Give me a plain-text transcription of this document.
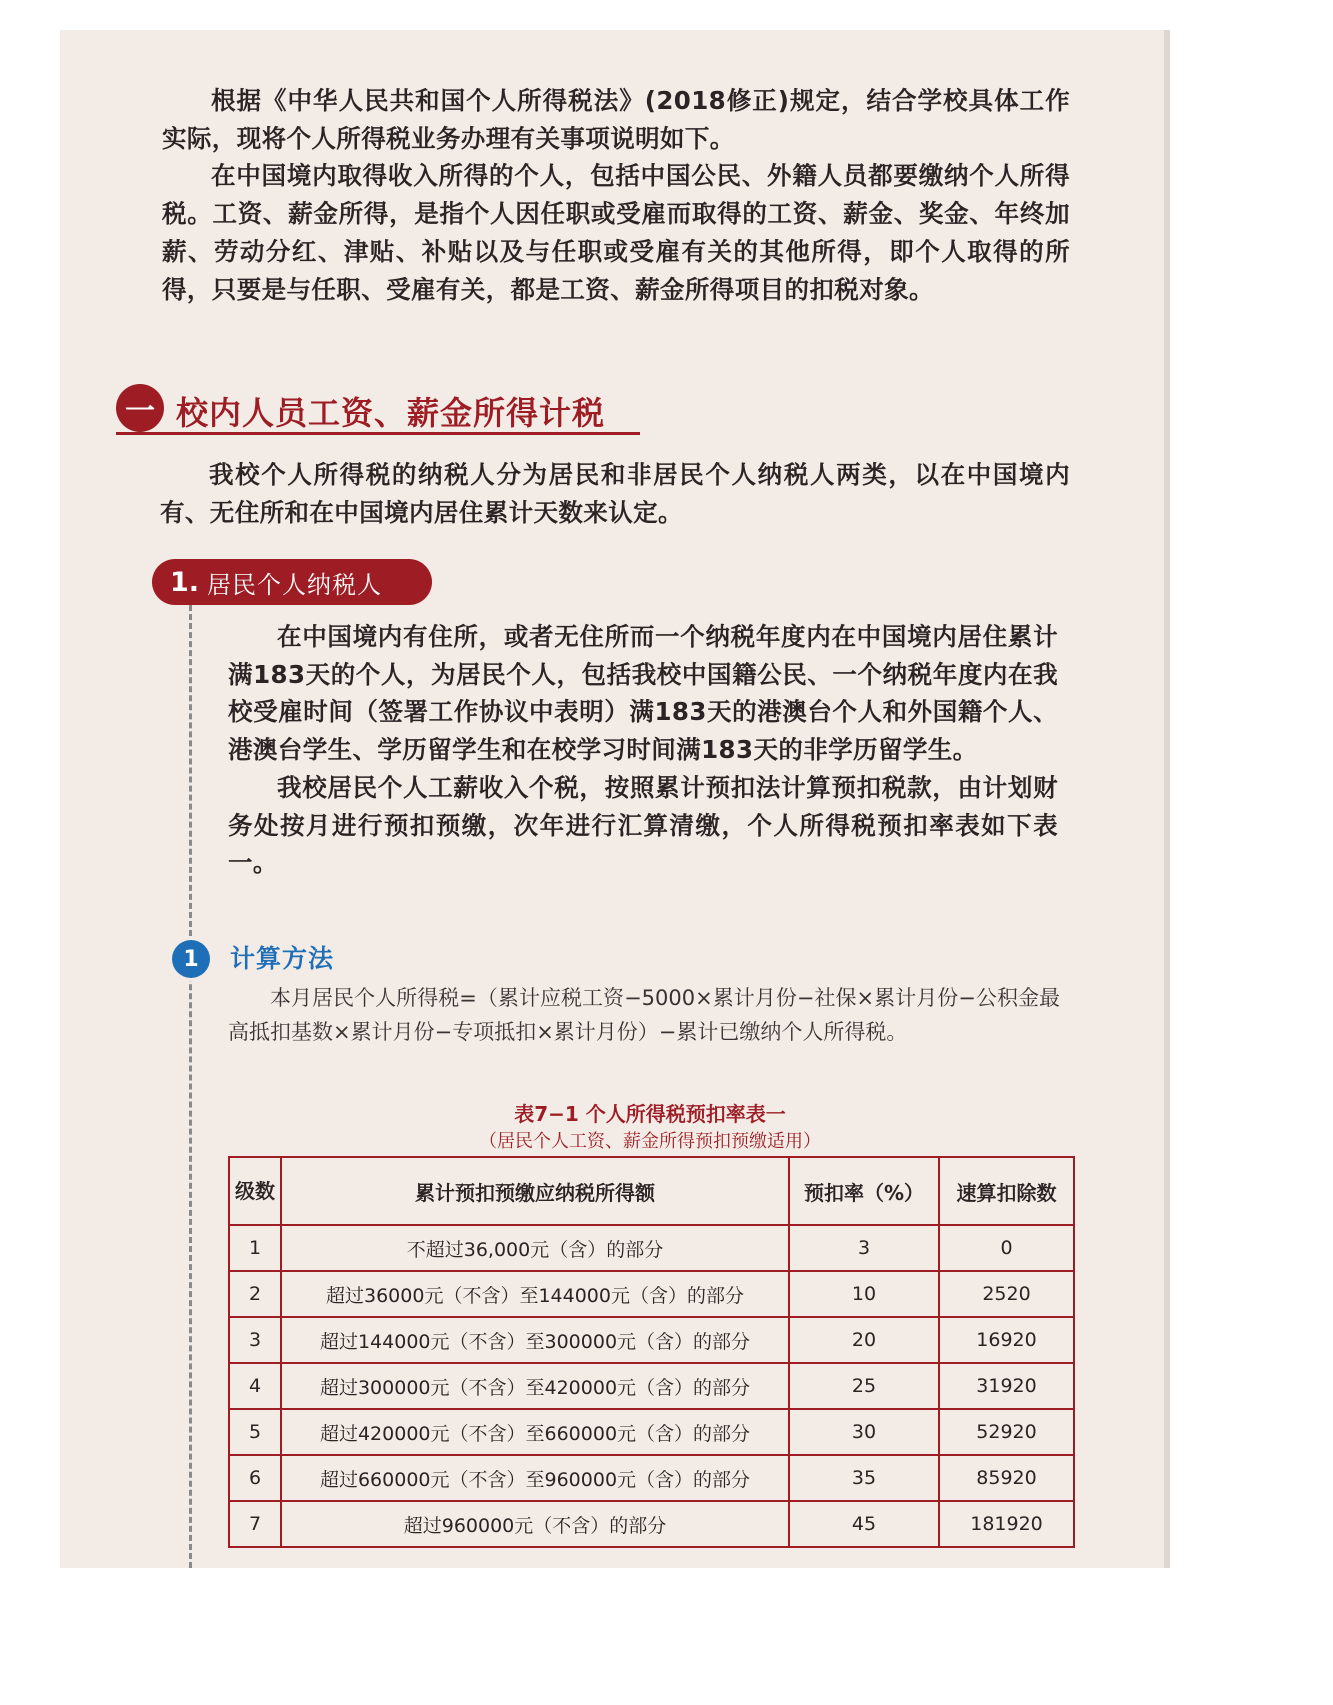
根据《中华人民共和国个人所得税法》(2018修正)规定，结合学校具体工作实际，现将个人所得税业务办理有关事项说明如下。

在中国境内取得收入所得的个人，包括中国公民、外籍人员都要缴纳个人所得税。工资、薪金所得，是指个人因任职或受雇而取得的工资、薪金、奖金、年终加薪、劳动分红、津贴、补贴以及与任职或受雇有关的其他所得，即个人取得的所得，只要是与任职、受雇有关，都是工资、薪金所得项目的扣税对象。

一 校内人员工资、薪金所得计税

我校个人所得税的纳税人分为居民和非居民个人纳税人两类，以在中国境内有、无住所和在中国境内居住累计天数来认定。

1. 居民个人纳税人

在中国境内有住所，或者无住所而一个纳税年度内在中国境内居住累计满183天的个人，为居民个人，包括我校中国籍公民、一个纳税年度内在我校受雇时间（签署工作协议中表明）满183天的港澳台个人和外国籍个人、 港澳台学生、学历留学生和在校学习时间满183天的非学历留学生。

我校居民个人工薪收入个税，按照累计预扣法计算预扣税款，由计划财务处按月进行预扣预缴，次年进行汇算清缴，个人所得税预扣率表如下表一。

1	计算方法

本月居民个人所得税=（累计应税工资−5000×累计月份−社保×累计月份−公积金最高抵扣基数×累计月份−专项抵扣×累计月份）−累计已缴纳个人所得税。

表7−1 个人所得税预扣率表一
（居民个人工资、薪金所得预扣预缴适用）
级数	累计预扣预缴应纳税所得额	预扣率（%）	速算扣除数
1	不超过36,000元（含）的部分	3	0
2	超过36000元（不含）至144000元（含）的部分	10	2520
3	超过144000元（不含）至300000元（含）的部分	20	16920
4	超过300000元（不含）至420000元（含）的部分	25	31920
5	超过420000元（不含）至660000元（含）的部分	30	52920
6	超过660000元（不含）至960000元（含）的部分	35	85920
7	超过960000元（不含）的部分	45	181920
